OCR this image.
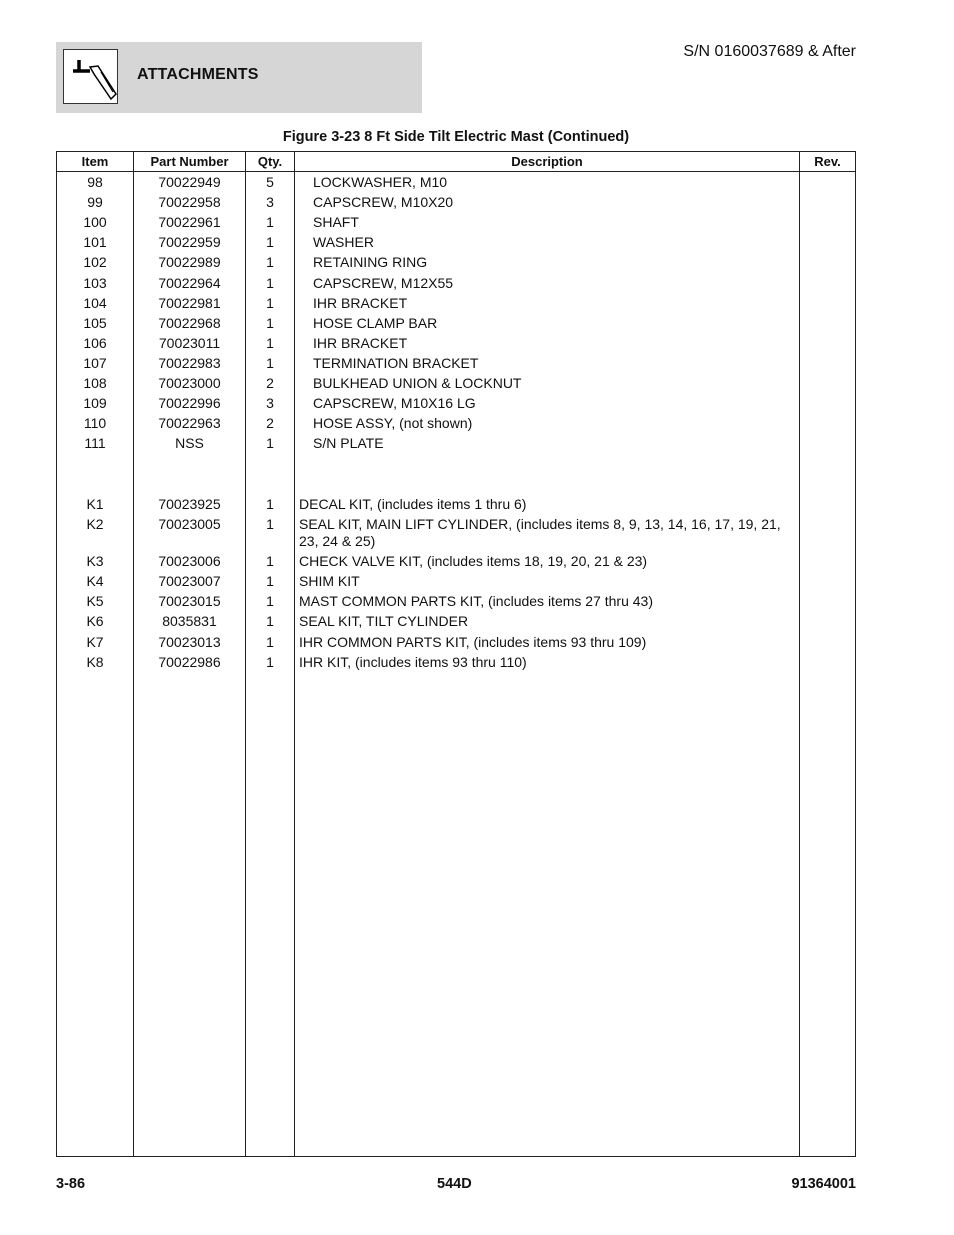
ATTACHMENTS
S/N 0160037689 & After
Figure 3-23 8 Ft Side Tilt Electric Mast (Continued)
Item	Part Number	Qty.	Description	Rev.
98	70022949	5	LOCKWASHER, M10
99	70022958	3	CAPSCREW, M10X20
100	70022961	1	SHAFT
101	70022959	1	WASHER
102	70022989	1	RETAINING RING
103	70022964	1	CAPSCREW, M12X55
104	70022981	1	IHR BRACKET
105	70022968	1	HOSE CLAMP BAR
106	70023011	1	IHR BRACKET
107	70022983	1	TERMINATION BRACKET
108	70023000	2	BULKHEAD UNION & LOCKNUT
109	70022996	3	CAPSCREW, M10X16 LG
110	70022963	2	HOSE ASSY, (not shown)
111	NSS	1	S/N PLATE
K1	70023925	1	DECAL KIT, (includes items 1 thru 6)
K2	70023005	1	SEAL KIT, MAIN LIFT CYLINDER, (includes items 8, 9, 13, 14, 16, 17, 19, 21, 23, 24 & 25)
K3	70023006	1	CHECK VALVE KIT, (includes items 18, 19, 20, 21 & 23)
K4	70023007	1	SHIM KIT
K5	70023015	1	MAST COMMON PARTS KIT, (includes items 27 thru 43)
K6	8035831	1	SEAL KIT, TILT CYLINDER
K7	70023013	1	IHR COMMON PARTS KIT, (includes items 93 thru 109)
K8	70022986	1	IHR KIT, (includes items 93 thru 110)
3-86	544D	91364001
